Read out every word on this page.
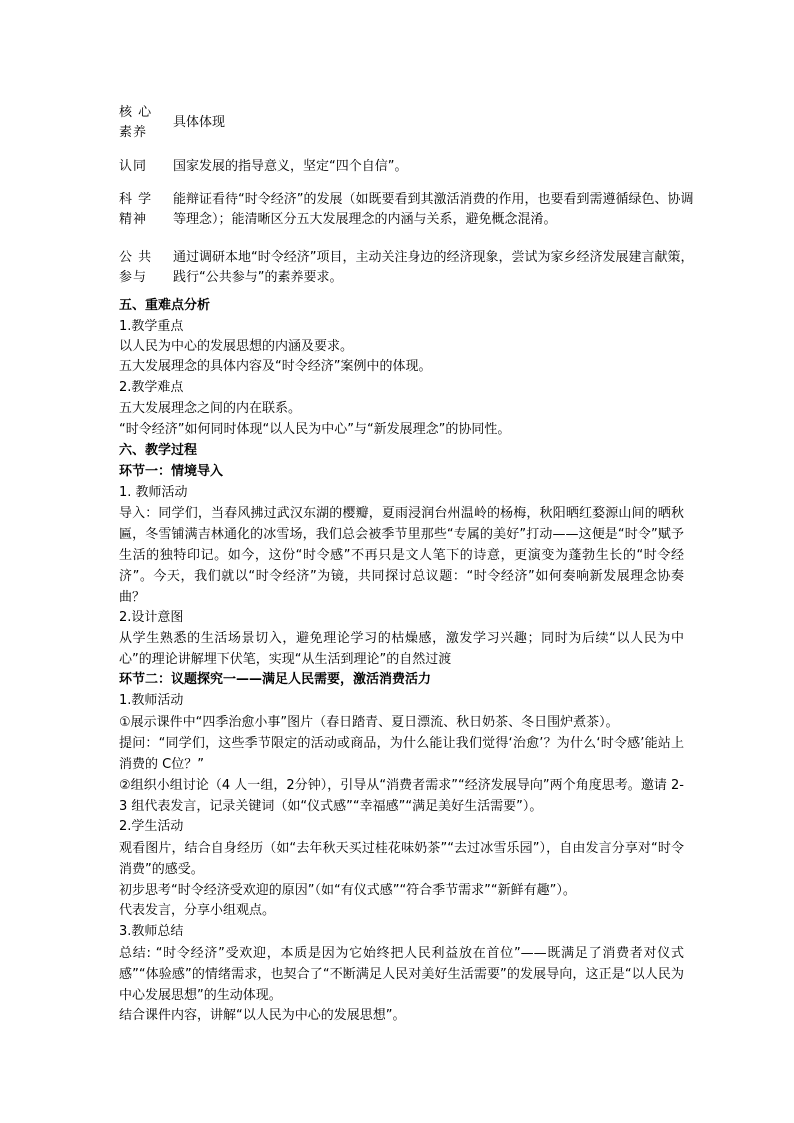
核 心
素养
具体体现
认同	国家发展的指导意义，坚定“四个自信”。
科 学
精神
能辩证看待“时令经济”的发展（如既要看到其激活消费的作用，也要看到需遵循绿色、协调等理念）；能清晰区分五大发展理念的内涵与关系，避免概念混淆。
公 共
参与
通过调研本地“时令经济”项目，主动关注身边的经济现象，尝试为家乡经济发展建言献策，践行“公共参与”的素养要求。
五、重难点分析
1.教学重点
以人民为中心的发展思想的内涵及要求。
五大发展理念的具体内容及“时令经济”案例中的体现。
2.教学难点
五大发展理念之间的内在联系。
“时令经济”如何同时体现“以人民为中心”与“新发展理念”的协同性。
六、教学过程
环节一：情境导入
1. 教师活动
导入：同学们，当春风拂过武汉东湖的樱瓣，夏雨浸润台州温岭的杨梅，秋阳晒红婺源山间的晒秋匾，冬雪铺满吉林通化的冰雪场，我们总会被季节里那些“专属的美好”打动——这便是“时令”赋予生活的独特印记。如今，这份“时令感”不再只是文人笔下的诗意，更演变为蓬勃生长的“时令经济”。今天，我们就以“时令经济”为镜，共同探讨总议题：“时令经济”如何奏响新发展理念协奏曲？
2.设计意图
从学生熟悉的生活场景切入，避免理论学习的枯燥感，激发学习兴趣；同时为后续“以人民为中心”的理论讲解埋下伏笔，实现“从生活到理论”的自然过渡
环节二：议题探究一——满足人民需要，激活消费活力
1.教师活动
①展示课件中“四季治愈小事”图片（春日踏青、夏日漂流、秋日奶茶、冬日围炉煮茶）。
提问：“同学们，这些季节限定的活动或商品，为什么能让我们觉得‘治愈’？为什么‘时令感’能站上消费的 C位？”
②组织小组讨论（4 人一组，2分钟），引导从“消费者需求”“经济发展导向”两个角度思考。邀请 2-3 组代表发言，记录关键词（如“仪式感”“幸福感”“满足美好生活需要”）。
2.学生活动
观看图片，结合自身经历（如“去年秋天买过桂花味奶茶”“去过冰雪乐园”），自由发言分享对“时令消费”的感受。
初步思考“时令经济受欢迎的原因”（如“有仪式感”“符合季节需求”“新鲜有趣”）。
代表发言，分享小组观点。
3.教师总结
总结: “时令经济”受欢迎，本质是因为它始终把人民利益放在首位”——既满足了消费者对仪式感”“体验感”的情绪需求，也契合了“不断满足人民对美好生活需要”的发展导向，这正是“以人民为中心发展思想”的生动体现。
结合课件内容，讲解“以人民为中心的发展思想”。
